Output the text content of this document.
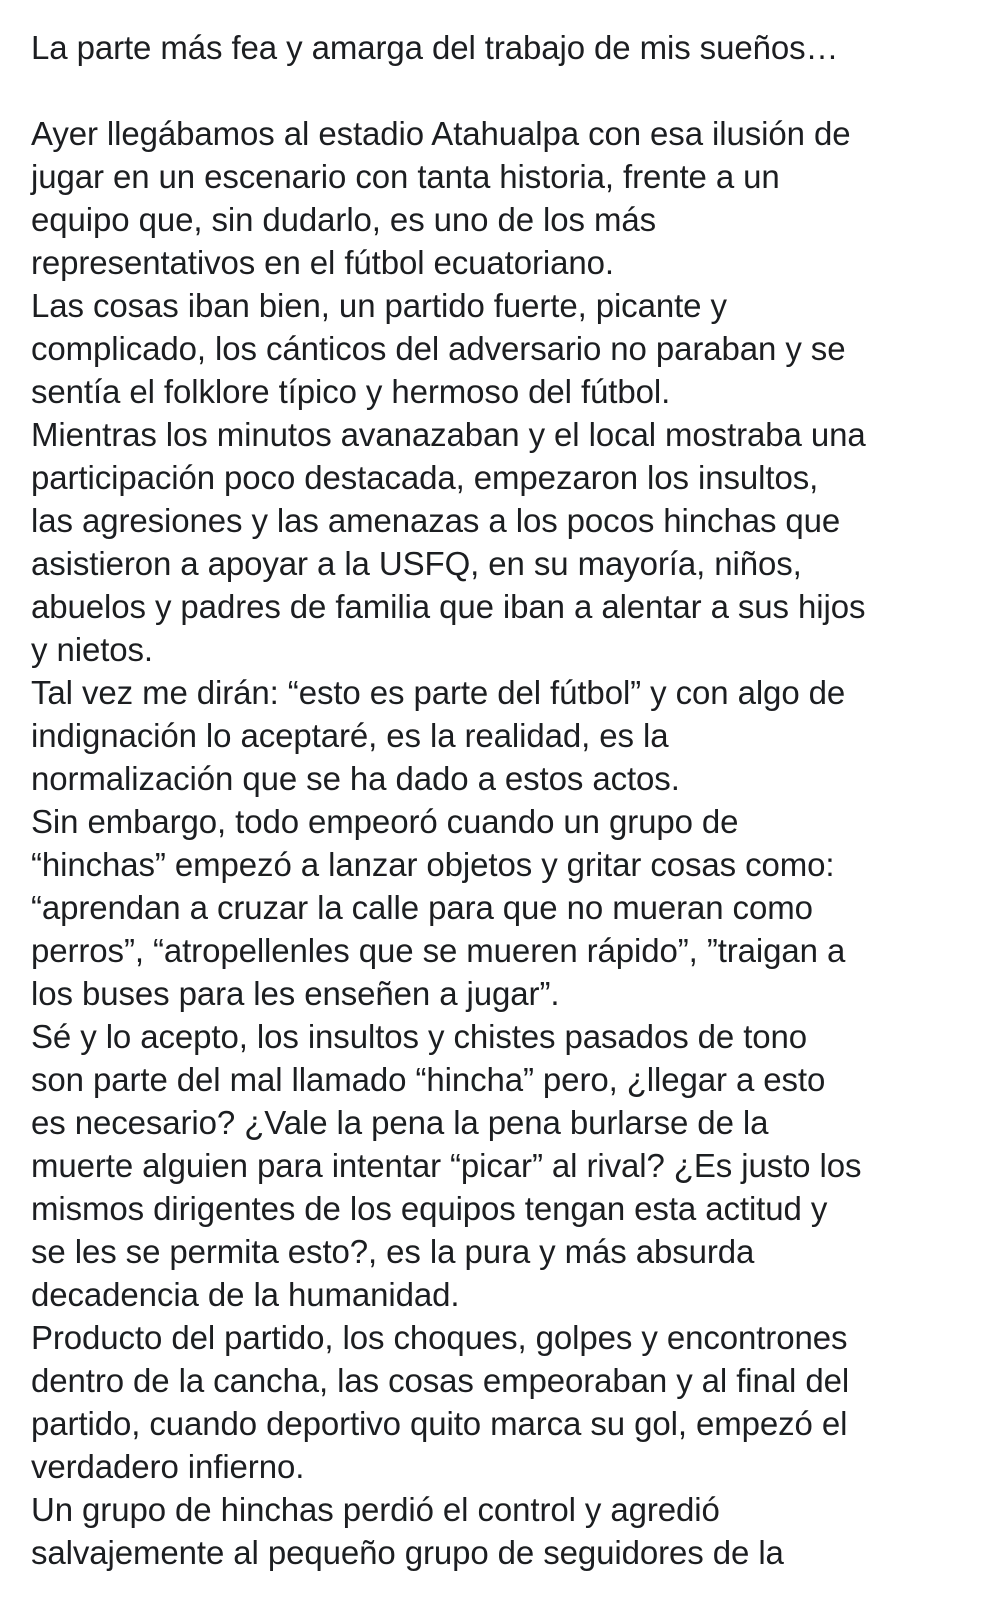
La parte más fea y amarga del trabajo de mis sueños…
Ayer llegábamos al estadio Atahualpa con esa ilusión de
jugar en un escenario con tanta historia, frente a un
equipo que, sin dudarlo, es uno de los más
representativos en el fútbol ecuatoriano.
Las cosas iban bien, un partido fuerte, picante y
complicado, los cánticos del adversario no paraban y se
sentía el folklore típico y hermoso del fútbol.
Mientras los minutos avanazaban y el local mostraba una
participación poco destacada, empezaron los insultos,
las agresiones y las amenazas a los pocos hinchas que
asistieron a apoyar a la USFQ, en su mayoría, niños,
abuelos y padres de familia que iban a alentar a sus hijos
y nietos.
Tal vez me dirán: “esto es parte del fútbol” y con algo de
indignación lo aceptaré, es la realidad, es la
normalización que se ha dado a estos actos.
Sin embargo, todo empeoró cuando un grupo de
“hinchas” empezó a lanzar objetos y gritar cosas como:
“aprendan a cruzar la calle para que no mueran como
perros”, “atropellenles que se mueren rápido”, ”traigan a
los buses para les enseñen a jugar”.
Sé y lo acepto, los insultos y chistes pasados de tono
son parte del mal llamado “hincha” pero, ¿llegar a esto
es necesario? ¿Vale la pena la pena burlarse de la
muerte alguien para intentar “picar” al rival? ¿Es justo los
mismos dirigentes de los equipos tengan esta actitud y
se les se permita esto?, es la pura y más absurda
decadencia de la humanidad.
Producto del partido, los choques, golpes y encontrones
dentro de la cancha, las cosas empeoraban y al final del
partido, cuando deportivo quito marca su gol, empezó el
verdadero infierno.
Un grupo de hinchas perdió el control y agredió
salvajemente al pequeño grupo de seguidores de la
